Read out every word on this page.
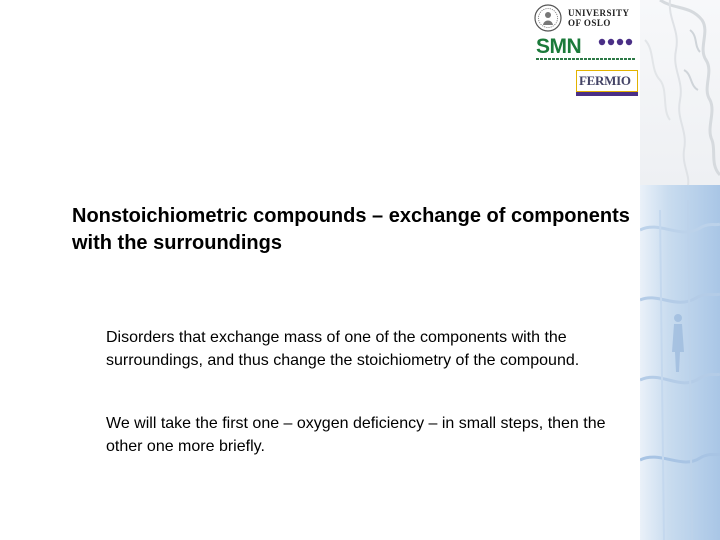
UNIVERSITY
OF OSLO
SMN
FERMIO
Nonstoichiometric compounds – exchange of components with the surroundings

Disorders that exchange mass of one of the components with the surroundings, and thus change the stoichiometry of the compound.

We will take the first one – oxygen deficiency – in small steps, then the other one more briefly.
